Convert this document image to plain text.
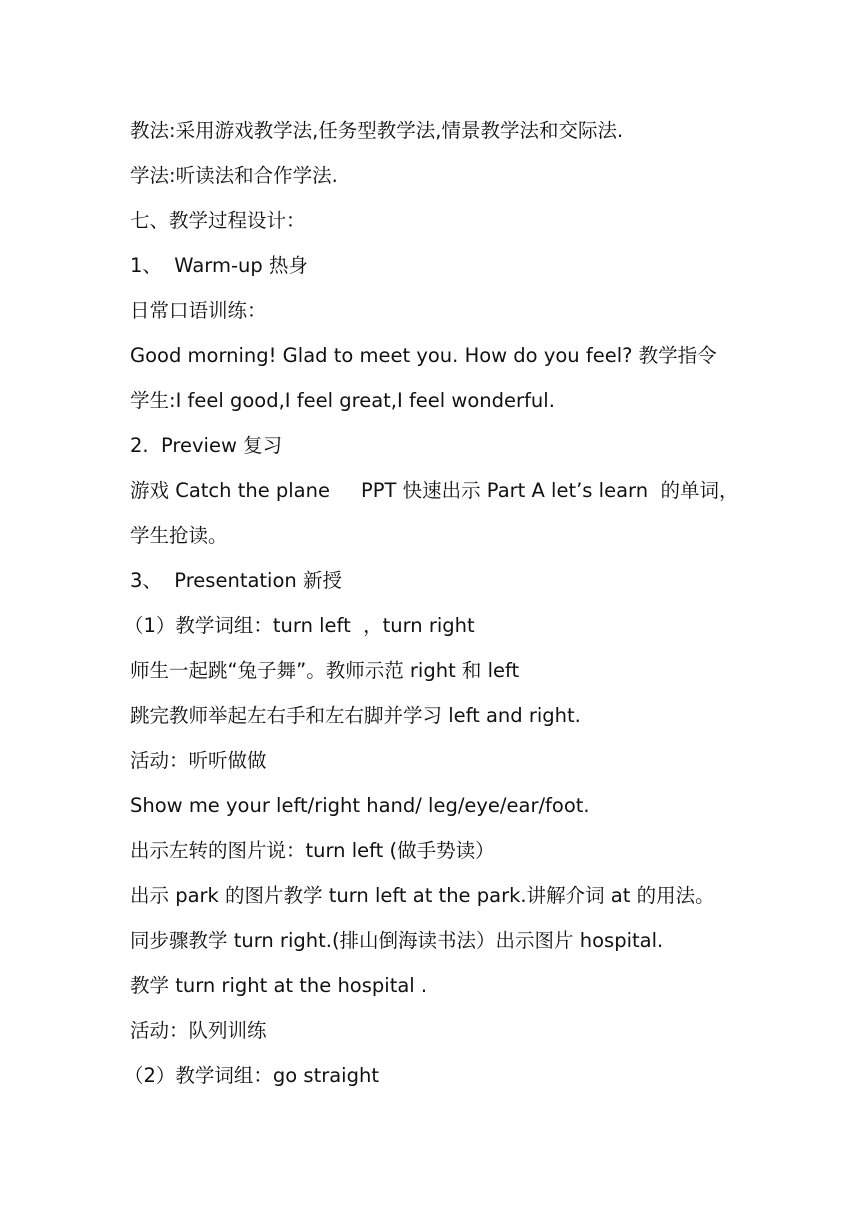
教法:采用游戏教学法,任务型教学法,情景教学法和交际法.
学法:听读法和合作学法.
七、教学过程设计：
1、  Warm-up 热身
日常口语训练：
Good morning! Glad to meet you. How do you feel? 教学指令
学生:I feel good,I feel great,I feel wonderful.
2.  Preview 复习
游戏 Catch the plane     PPT 快速出示 Part A let’s learn  的单词，
学生抢读。
3、  Presentation 新授
（1）教学词组：turn left  ，turn right
师生一起跳“兔子舞”。教师示范 right 和 left
跳完教师举起左右手和左右脚并学习 left and right.
活动：听听做做
Show me your left/right hand/ leg/eye/ear/foot.
出示左转的图片说：turn left (做手势读）
出示 park 的图片教学 turn left at the park.讲解介词 at 的用法。
同步骤教学 turn right.(排山倒海读书法）出示图片 hospital.
教学 turn right at the hospital .
活动：队列训练
（2）教学词组：go straight
